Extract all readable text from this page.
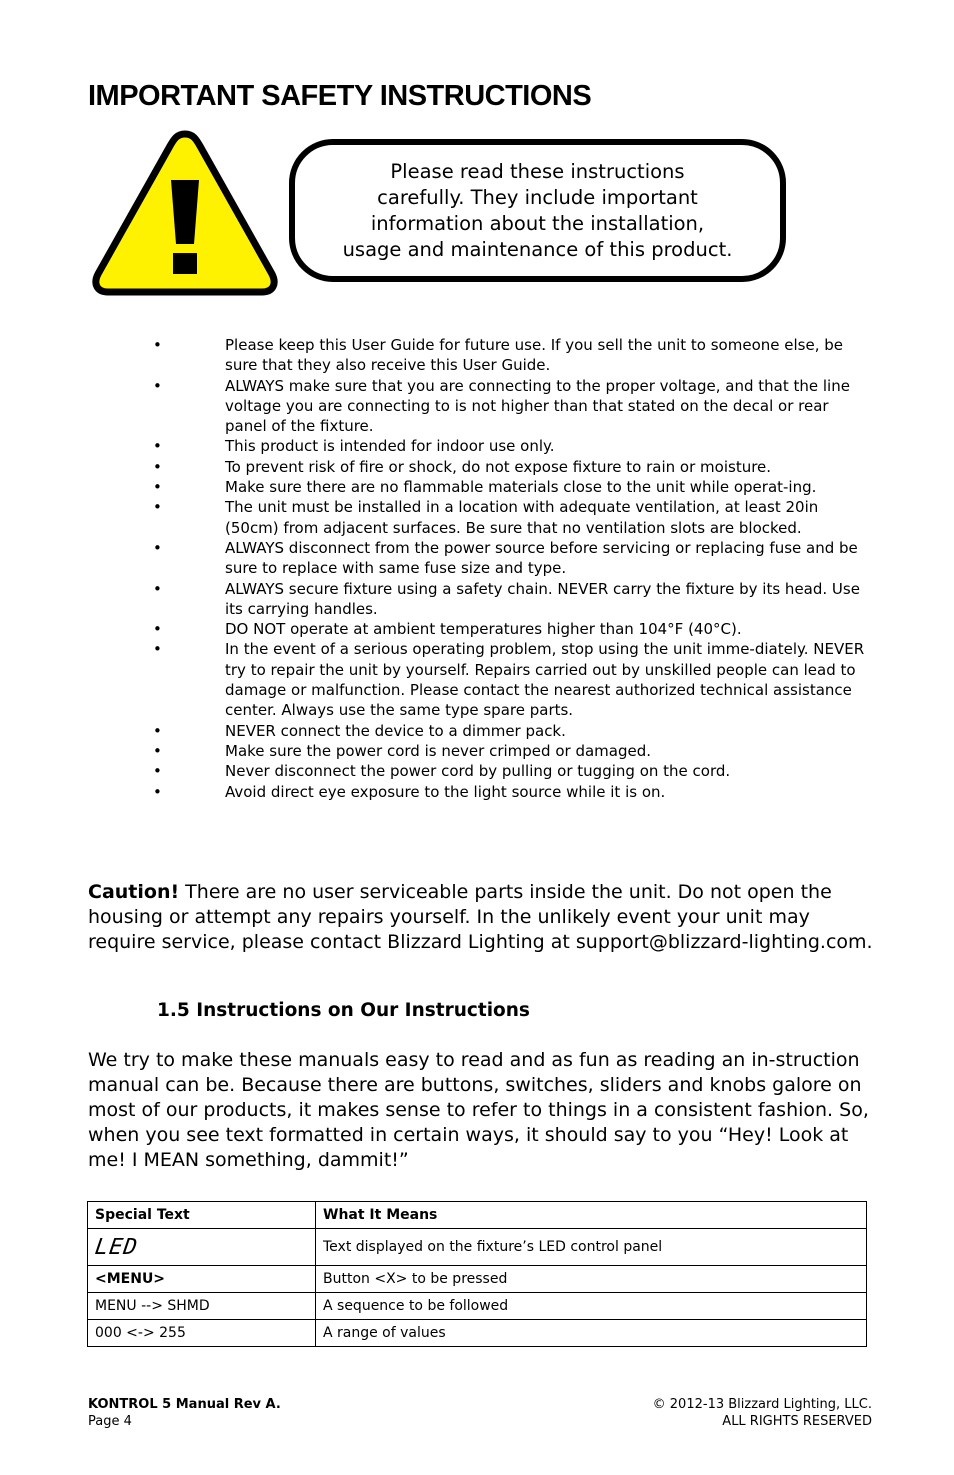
IMPORTANT SAFETY INSTRUCTIONS
Please read these instructions
carefully. They include important
information about the installation,
usage and maintenance of this product.
•	Please keep this User Guide for future use. If you sell the unit to someone else, be sure that they also receive this User Guide.
•	ALWAYS make sure that you are connecting to the proper voltage, and that the line voltage you are connecting to is not higher than that stated on the decal or rear panel of the fixture.
•	This product is intended for indoor use only.
•	To prevent risk of fire or shock, do not expose fixture to rain or moisture.
•	Make sure there are no flammable materials close to the unit while operat-ing.
•	The unit must be installed in a location with adequate ventilation, at least 20in (50cm) from adjacent surfaces. Be sure that no ventilation slots are blocked.
•	ALWAYS disconnect from the power source before servicing or replacing fuse and be sure to replace with same fuse size and type.
•	ALWAYS secure fixture using a safety chain. NEVER carry the fixture by its head. Use its carrying handles.
•	DO NOT operate at ambient temperatures higher than 104°F (40°C).
•	In the event of a serious operating problem, stop using the unit imme-diately. NEVER try to repair the unit by yourself. Repairs carried out by unskilled people can lead to damage or malfunction. Please contact the nearest authorized technical assistance center. Always use the same type spare parts.
•	NEVER connect the device to a dimmer pack.
•	Make sure the power cord is never crimped or damaged.
•	Never disconnect the power cord by pulling or tugging on the cord.
•	Avoid direct eye exposure to the light source while it is on.

Caution! There are no user serviceable parts inside the unit. Do not open the housing or attempt any repairs yourself. In the unlikely event your unit may require service, please contact Blizzard Lighting at support@blizzard-lighting.com.

1.5 Instructions on Our Instructions

We try to make these manuals easy to read and as fun as reading an in-struction manual can be. Because there are buttons, switches, sliders and knobs galore on most of our products, it makes sense to refer to things in a consistent fashion. So, when you see text formatted in certain ways, it should say to you “Hey! Look at me! I MEAN something, dammit!”

Special Text	What It Means
LED	Text displayed on the fixture’s LED control panel
<MENU>	Button <X> to be pressed
MENU --> SHMD	A sequence to be followed
000 <-> 255	A range of values
KONTROL 5 Manual Rev A.
Page 4
© 2012-13 Blizzard Lighting, LLC.
ALL RIGHTS RESERVED
